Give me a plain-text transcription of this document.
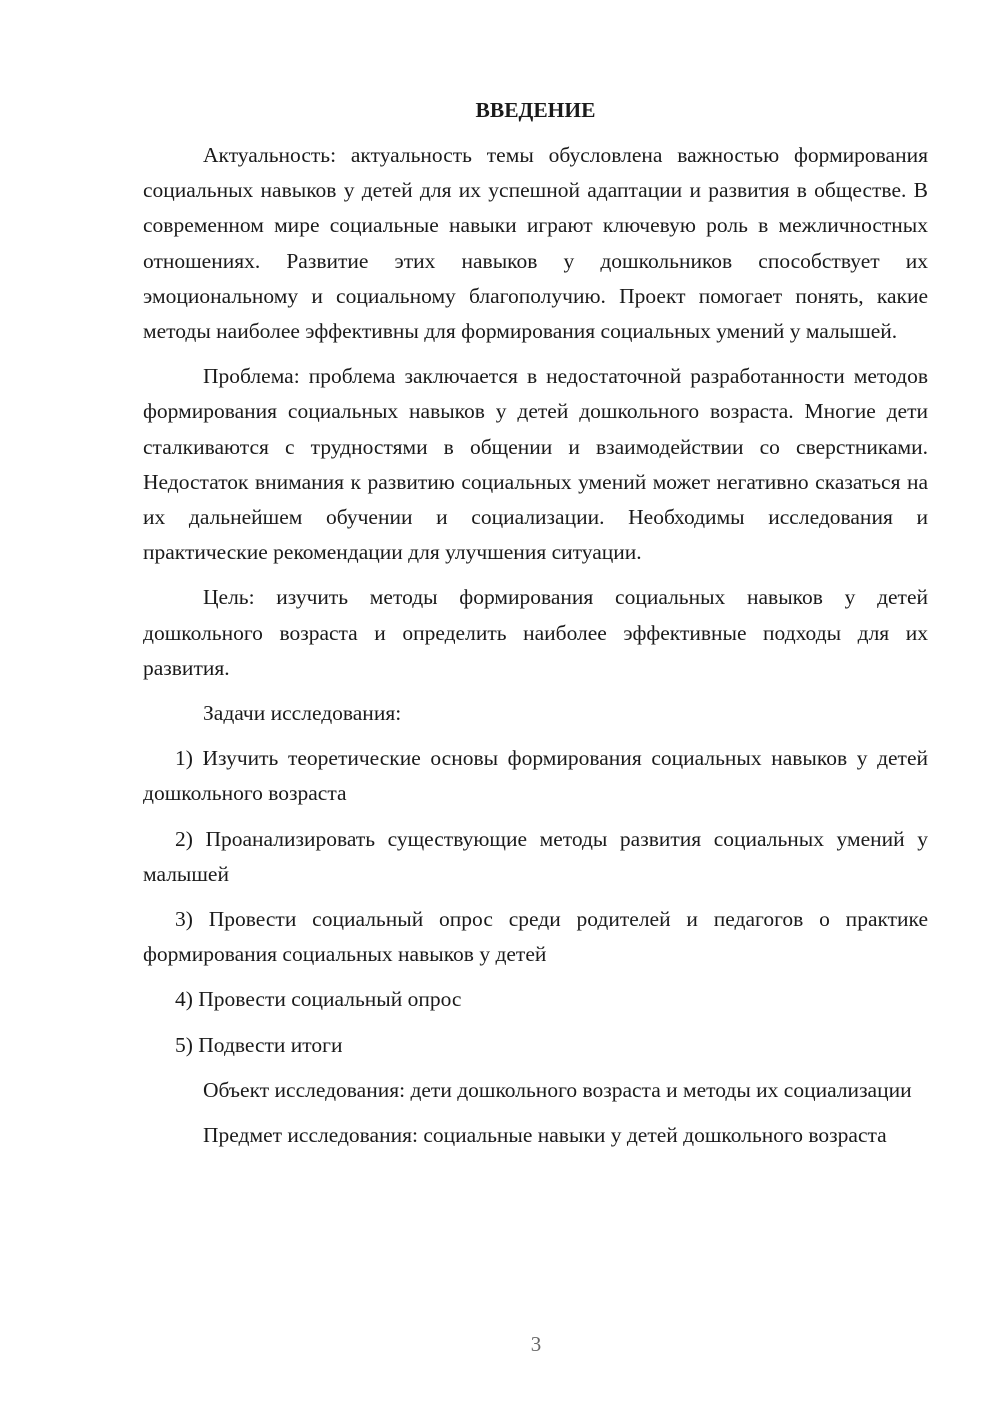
ВВЕДЕНИЕ

Актуальность: актуальность темы обусловлена важностью формирования социальных навыков у детей для их успешной адаптации и развития в обществе. В современном мире социальные навыки играют ключевую роль в межличностных отношениях. Развитие этих навыков у дошкольников способствует их эмоциональному и социальному благополучию. Проект помогает понять, какие методы наиболее эффективны для формирования социальных умений у малышей.

Проблема: проблема заключается в недостаточной разработанности методов формирования социальных навыков у детей дошкольного возраста. Многие дети сталкиваются с трудностями в общении и взаимодействии со сверстниками. Недостаток внимания к развитию социальных умений может негативно сказаться на их дальнейшем обучении и социализации. Необходимы исследования и практические рекомендации для улучшения ситуации.

Цель: изучить методы формирования социальных навыков у детей дошкольного возраста и определить наиболее эффективные подходы для их развития.

Задачи исследования:

1) Изучить теоретические основы формирования социальных навыков у детей дошкольного возраста

2) Проанализировать существующие методы развития социальных умений у малышей

3) Провести социальный опрос среди родителей и педагогов о практике формирования социальных навыков у детей

4) Провести социальный опрос

5) Подвести итоги

Объект исследования: дети дошкольного возраста и методы их социализации

Предмет исследования: социальные навыки у детей дошкольного возраста

3
